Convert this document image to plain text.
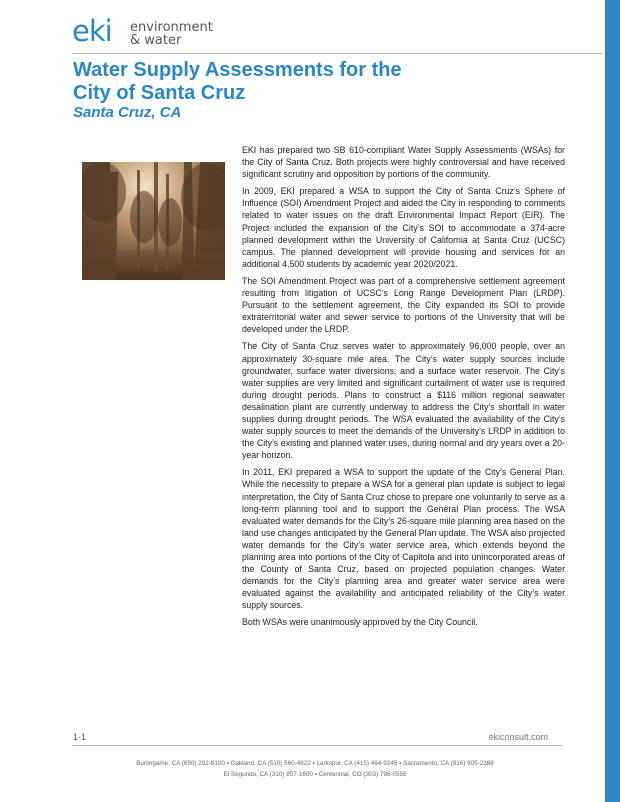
eki environment
& water
Water Supply Assessments for the
City of Santa Cruz
Santa Cruz, CA

EKI has prepared two SB 610-compliant Water Supply Assessments (WSAs) for the City of Santa Cruz. Both projects were highly controversial and have received significant scrutiny and opposition by portions of the community.

In 2009, EKI prepared a WSA to support the City of Santa Cruz’s Sphere of Influence (SOI) Amendment Project and aided the City in responding to comments related to water issues on the draft Environmental Impact Report (EIR). The Project included the expansion of the City’s SOI to accommodate a 374-acre planned development within the University of California at Santa Cruz (UCSC) campus. The planned development will provide housing and services for an additional 4,500 students by academic year 2020/2021.

The SOI Amendment Project was part of a comprehensive settlement agreement resulting from litigation of UCSC’s Long Range Development Plan (LRDP). Pursuant to the settlement agreement, the City expanded its SOI to provide extraterritorial water and sewer service to portions of the University that will be developed under the LRDP.

The City of Santa Cruz serves water to approximately 96,000 people, over an approximately 30-square mile area. The City’s water supply sources include groundwater, surface water diversions, and a surface water reservoir. The City’s water supplies are very limited and significant curtailment of water use is required during drought periods. Plans to construct a $116 million regional seawater desalination plant are currently underway to address the City’s shortfall in water supplies during drought periods. The WSA evaluated the availability of the City’s water supply sources to meet the demands of the University’s LRDP in addition to the City’s existing and planned water uses, during normal and dry years over a 20-year horizon.

In 2011, EKI prepared a WSA to support the update of the City’s General Plan. While the necessity to prepare a WSA for a general plan update is subject to legal interpretation, the City of Santa Cruz chose to prepare one voluntarily to serve as a long-term planning tool and to support the General Plan process. The WSA evaluated water demands for the City’s 26-square mile planning area based on the land use changes anticipated by the General Plan update. The WSA also projected water demands for the City’s water service area, which extends beyond the planning area into portions of the City of Capitola and into unincorporated areas of the County of Santa Cruz, based on projected population changes. Water demands for the City’s planning area and greater water service area were evaluated against the availability and anticipated reliability of the City’s water supply sources.

Both WSAs were unanimously approved by the City Council.

1-1	ekiconsult.com
Burlingame, CA (650) 292-9100 ▪ Oakland, CA (510) 560-4822 ▪ Larkspur, CA (415) 464-9245 ▪ Sacramento, CA (916) 905-2388
El Segundo, CA (310) 857-1600 ▪ Centennial, CO (303) 796-0556
